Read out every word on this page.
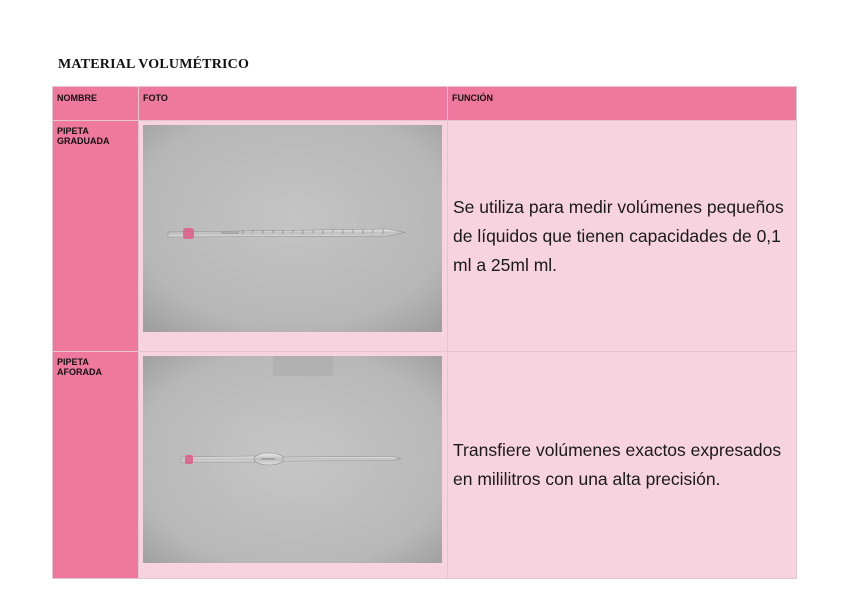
MATERIAL VOLUMÉTRICO
NOMBRE	FOTO	FUNCIÓN
PIPETA GRADUADA		Se utiliza para medir volúmenes pequeños de líquidos que tienen capacidades de 0,1 ml a 25ml ml.
PIPETA AFORADA		Transfiere volúmenes exactos expresados en mililitros con una alta precisión.
